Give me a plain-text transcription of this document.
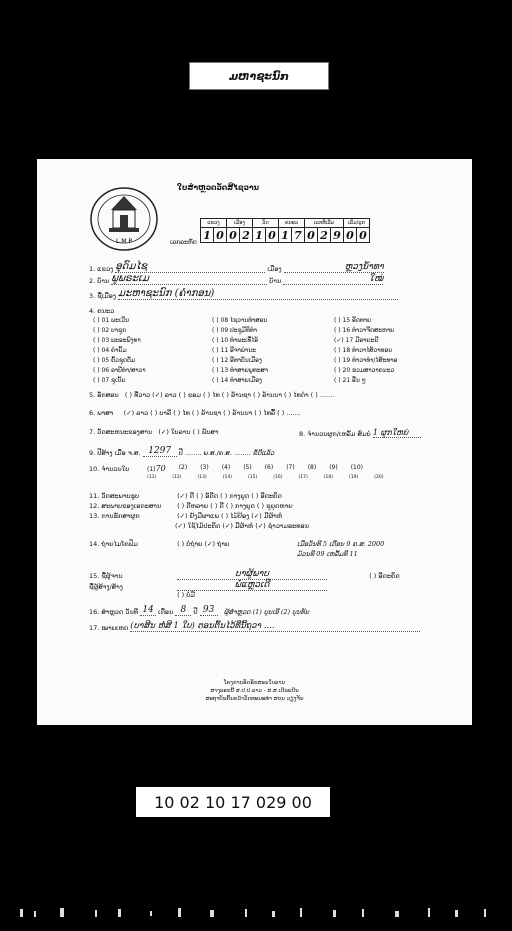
ມຫາຊະນົກ
L M P
ໃບສຳຫຼວດວັດສິໄຊວານ
ເລກລະຫັດ
ແຂວງ		ເມືອງ		ວັດ		ຄນະວ		ເລກທີ່ເລີ່ມ			ເລີ່ມ/ລູກ	
1	0	0	2	1	0	1	7	0	2	9	0	0
1. ແຂວງ ອຸດົມໄຊ	ເມືອງ	ຫຼວງນໍ້າທາ
2. ບ້ານ ພູພຣະເມ	ບ້ານ	ໃໝ່
3. ຊື່ເມືອງ ມະຫາຊະນົກ (ຄຳກອນ)
4. ຄນະວ
( ) 01 ພະເວີນ
( ) 02 ບາຊຸກ
( ) 03 ພະອະພົງທາ
( ) 04 ຄຳຍິ້ມ
( ) 05 ຄົ້ວຊຸດຕັ່ມ
( ) 06 ລາບີທ່າ/ສາວາ
( ) 07 ຊຸເນັ້ຍ
( ) 08 ໄຊວານທຳສອນ
( ) 09 ປະຊູມີທິທຳ
( ) 10 ທຳພະເທື່ໄອ້
( ) 11 ອີຈາພຳນະ
( ) 12 ອີທາບັນເມືອງ
( ) 13 ທຳສາຍພູທະສາ
( ) 14 ທຳສາຍເມືອງ
( ) 15 ອີດທາຍ
( ) 16 ທຳວາຈີດສະຫາຍ
(✓) 17 ມີອາຍະຍີ
( ) 18 ທຳວາໄສ້ວາທອນ
( ) 19 ທຳວາທຳ/ໄສ້ະທາອ
( ) 20 ຮວມສາວາຄນະວ
( ) 21 ອື່ນ ໆ
5. ອັກສອນ ( ) ທີ່ວາວ (✓) ລາວ ( ) ຂອມ ( ) ໄທ ( ) ລ້ານຊາ ( ) ລ້ານນາ ( ) ໄທດຳ ( ) .......
6. ພາສາ (✓) ລາວ ( ) ບາລີ ( ) ໄທ ( ) ລ້ານຊາ ( ) ລ້ານນາ ( ) ໄທລື້ ( ) .......
7. ວັດສະຫນະຂອງສານ (✓) ໃບລານ ( ) ພັບສາ	8. ຈຳນວນຜູກ/ເຫລັ້ມ ສົມບໍ 1 ຜູກໃຫຍ່
9. ປີສ້າງ ເມື່ອ ຈ.ສ. 1297 ປີ ........ ພ.ສ./ຄ.ສ. ........ ຂໍ້ດີແລ້ວ
10. ຈຳນວນໃບ	(1)70 (2) (3) (4) (5) (6) (7) (8) (9) (10)
(11)	(12)	(13)	(14)	(15)	(16)	(17)	(18)	(19)	(20)
11. ວັດສະພາບຮູບ	(✓) ດີ ( ) ອັດີດ ( ) ກາງຍູດ ( ) ອີດະຄິດ
12. ສະພາບຂອງເອກະສານ ( ) ດີຫລາຍ ( ) ດີ ( ) ກາງຍູດ ( ) ຊຸຍຸດຫາຍ
13. ການຮັກສາຜູກ	(✓) ຍັງມີຜາແພ ( ) ໄມ້ປ້ອງ (✓) ມີຜ້າຫໍ່
(✓) ໃຊ້ໄມ້ປະຄິດ (✓) ມີຜ້າຫໍ່ (✓) ຊໍາວາມອະທອນ
14. ຖ່າຍໄມໂຄຟິມ	( ) ບໍ່ຖ່າຍ (✓) ຖ່າຍ	ເມື່ອວັນທີ 5 ເດືອນ 9 ຄ.ສ. 2000
ມ້ວນທີ 09 ເຫລັ້ມທີ 11
15. ຊື່ຜູ້ຈານ	ບາຜູ້ພາບ	( ) ອີດະຄິດ
ຊື່ຜູ້ສ້າງ/ສ້າງ	ພໍ່ແຫຼວເດີ
( ) ບໍ່ມີ
16. ສຳຫຼວດ ວັນທີ 14 ເດືອນ 8 ປີ 93 ຜູ້ສຳຫຼວດ (1) ບຸນເອີ (2) ບຸນທັນ
17. ໝາຍເຫດ (ບາສີນ ຫໍ່ສີ 1 ໃບ) ຕອນຕົ້ນໄວ້ທີ່ນີ້ຖວາ ....
ໂຄງການອັດອັກສອນໃບລານ
ສາງລອນນີ້ ສ.ປ.ປ.ລາວ - ສ.ສ.ເດີລແບີນ
ສະຖາບັນຄົ້ນຄວ້າວັດທະນະທຳ ສຍນ ວຽງຈັນ
10 02 10 17 029 00
